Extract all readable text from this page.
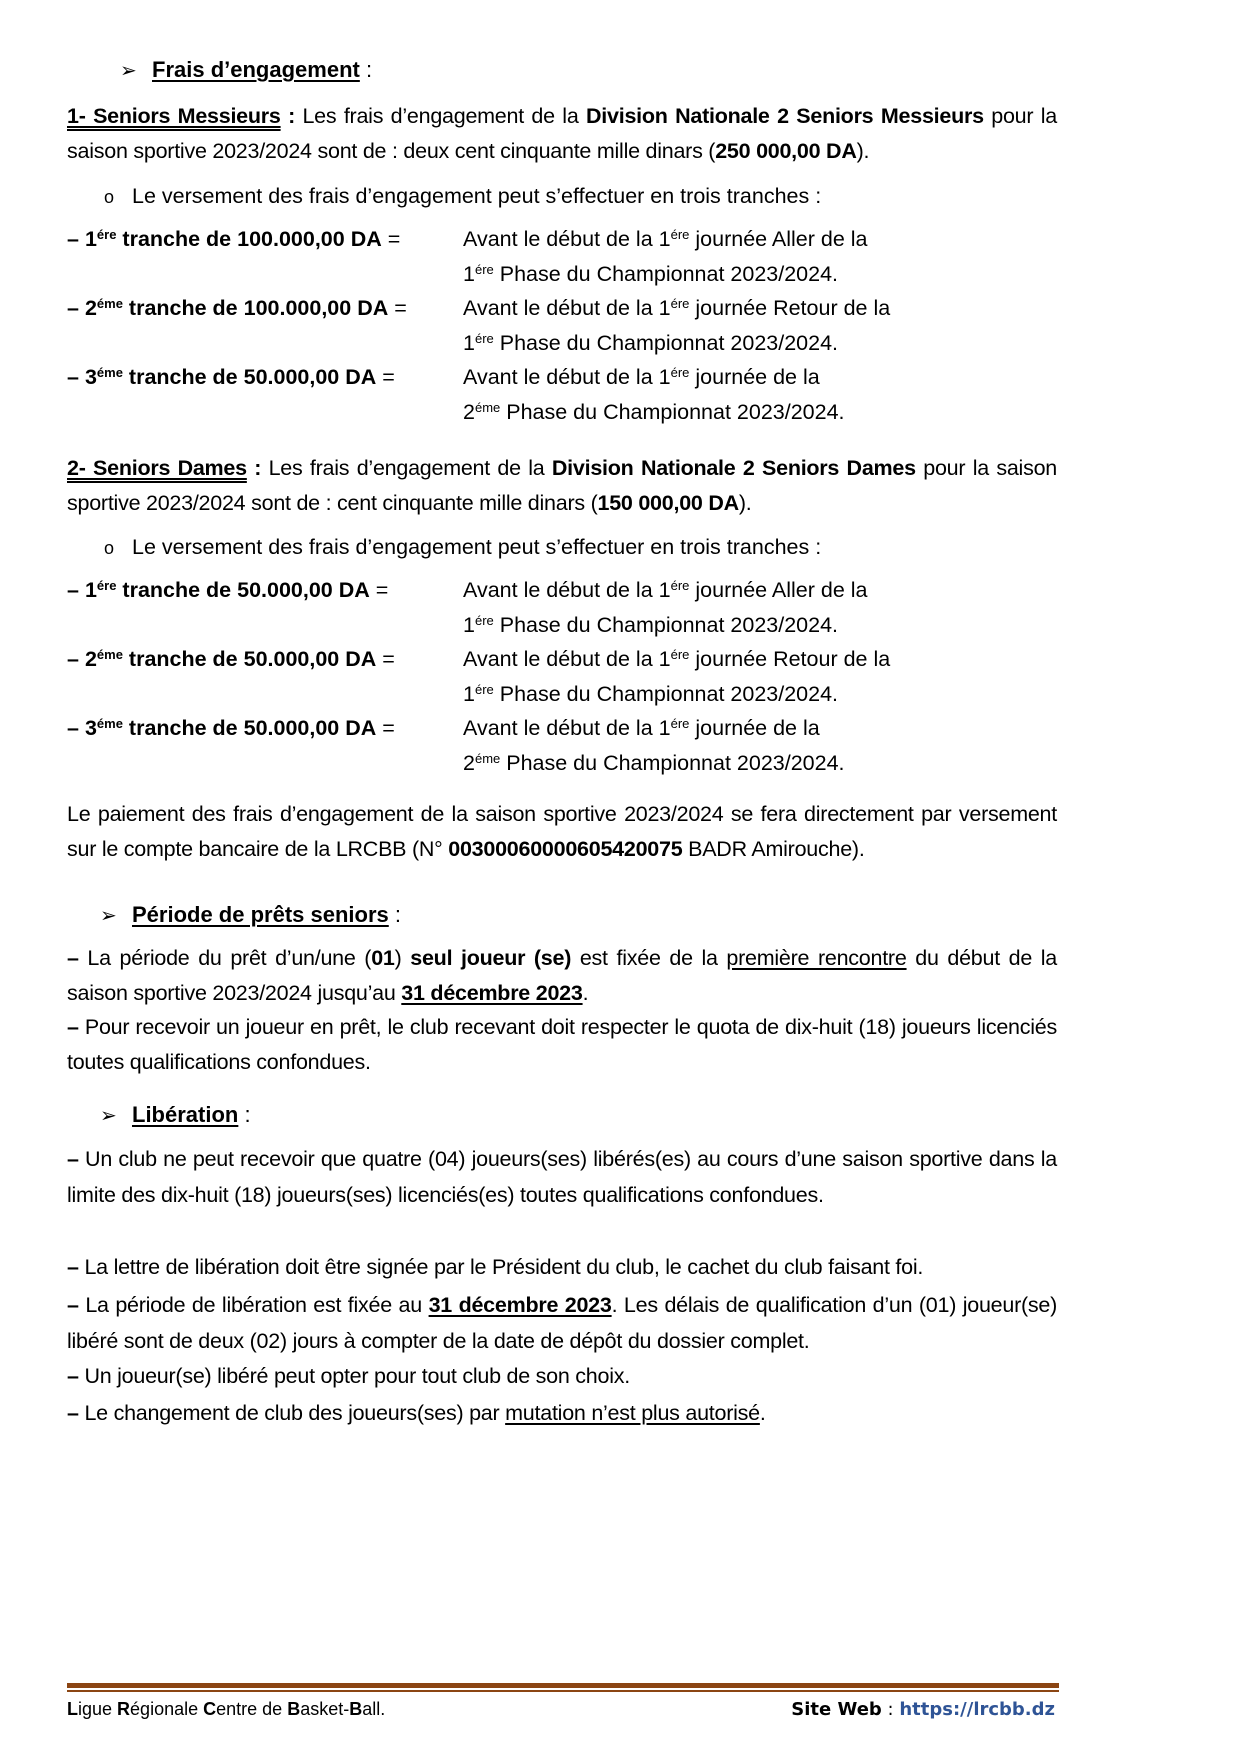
➢ Frais d’engagement :
1- Seniors Messieurs : Les frais d’engagement de la Division Nationale 2 Seniors Messieurs pour la saison sportive 2023/2024 sont de : deux cent cinquante mille dinars (250 000,00 DA).
o Le versement des frais d’engagement peut s’effectuer en trois tranches :
– $1^{ére}$ tranche de 100.000,00 DA =	Avant le début de la $1^{ére}$ journée Aller de la
$1^{ére}$ Phase du Championnat 2023/2024.
– $2^{éme}$ tranche de 100.000,00 DA =	Avant le début de la $1^{ére}$ journée Retour de la
$1^{ére}$ Phase du Championnat 2023/2024.
– $3^{éme}$ tranche de 50.000,00 DA =	Avant le début de la $1^{ére}$ journée de la
$2^{éme}$ Phase du Championnat 2023/2024.
2- Seniors Dames : Les frais d’engagement de la Division Nationale 2 Seniors Dames pour la saison sportive 2023/2024 sont de : cent cinquante mille dinars (150 000,00 DA).
o Le versement des frais d’engagement peut s’effectuer en trois tranches :
– $1^{ére}$ tranche de 50.000,00 DA =	Avant le début de la $1^{ére}$ journée Aller de la
$1^{ére}$ Phase du Championnat 2023/2024.
– $2^{éme}$ tranche de 50.000,00 DA =	Avant le début de la $1^{ére}$ journée Retour de la
$1^{ére}$ Phase du Championnat 2023/2024.
– $3^{éme}$ tranche de 50.000,00 DA =	Avant le début de la $1^{ére}$ journée de la
$2^{éme}$ Phase du Championnat 2023/2024.
Le paiement des frais d’engagement de la saison sportive 2023/2024 se fera directement par versement sur le compte bancaire de la LRCBB (N° 00300060000605420075 BADR Amirouche).
➢ Période de prêts seniors :
– La période du prêt d’un/une (01) seul joueur (se) est fixée de la première rencontre du début de la saison sportive 2023/2024 jusqu’au 31 décembre 2023.
– Pour recevoir un joueur en prêt, le club recevant doit respecter le quota de dix-huit (18) joueurs licenciés toutes qualifications confondues.
➢ Libération :
– Un club ne peut recevoir que quatre (04) joueurs(ses) libérés(es) au cours d’une saison sportive dans la limite des dix-huit (18) joueurs(ses) licenciés(es) toutes qualifications confondues.
– La lettre de libération doit être signée par le Président du club, le cachet du club faisant foi.
– La période de libération est fixée au 31 décembre 2023. Les délais de qualification d’un (01) joueur(se) libéré sont de deux (02) jours à compter de la date de dépôt du dossier complet.
– Un joueur(se) libéré peut opter pour tout club de son choix.
– Le changement de club des joueurs(ses) par mutation n’est plus autorisé.
Ligue Régionale Centre de Basket-Ball.	Site Web : https://lrcbb.dz
